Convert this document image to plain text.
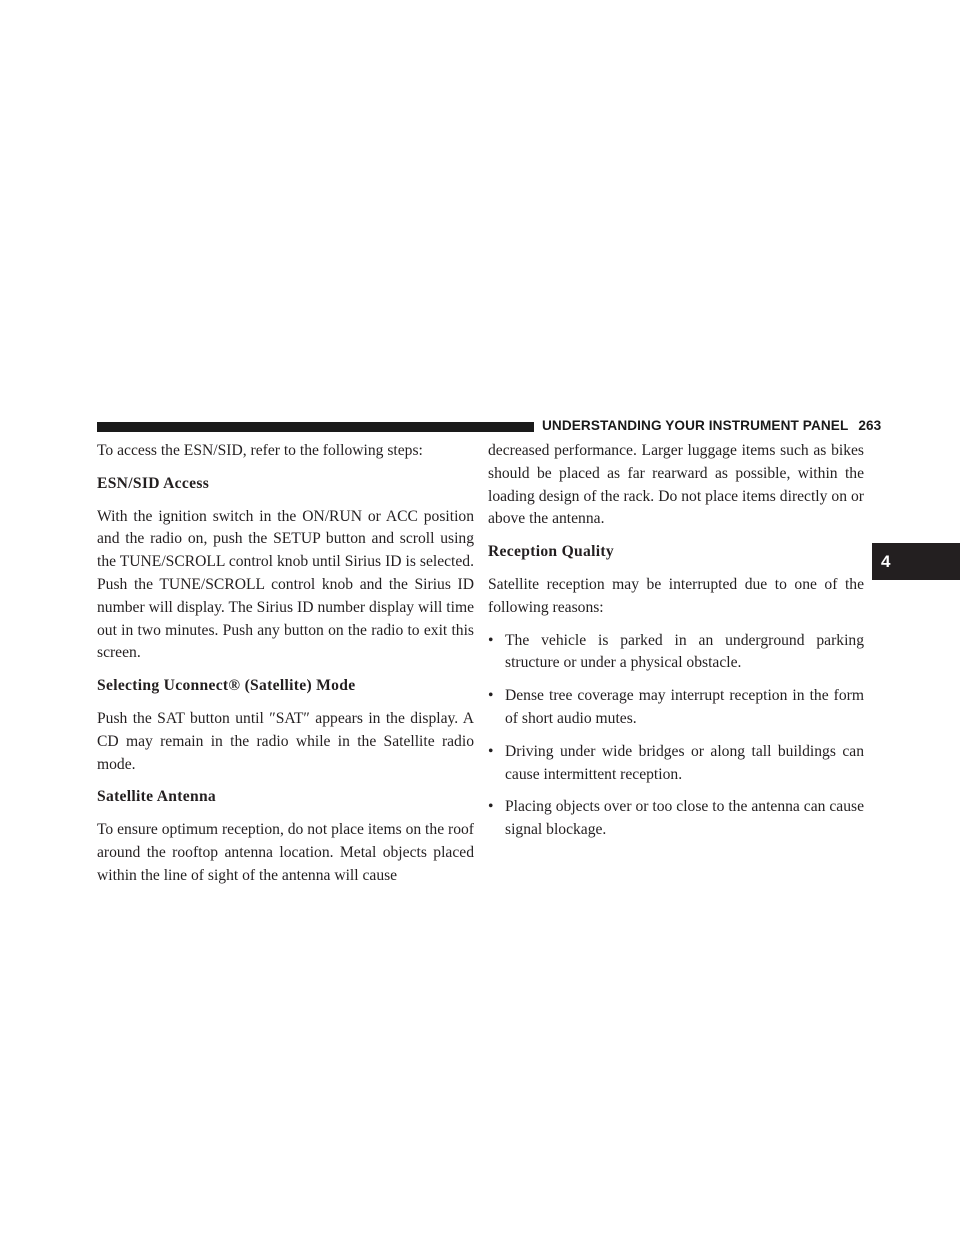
UNDERSTANDING YOUR INSTRUMENT PANEL 263
4

To access the ESN/SID, refer to the following steps:

ESN/SID Access

With the ignition switch in the ON/RUN or ACC position and the radio on, push the SETUP button and scroll using the TUNE/SCROLL control knob until Sirius ID is selected. Push the TUNE/SCROLL control knob and the Sirius ID number will display. The Sirius ID number display will time out in two minutes. Push any button on the radio to exit this screen.

Selecting Uconnect® (Satellite) Mode

Push the SAT button until ″SAT″ appears in the display. A CD may remain in the radio while in the Satellite radio mode.

Satellite Antenna

To ensure optimum reception, do not place items on the roof around the rooftop antenna location. Metal objects placed within the line of sight of the antenna will cause

decreased performance. Larger luggage items such as bikes should be placed as far rearward as possible, within the loading design of the rack. Do not place items directly on or above the antenna.

Reception Quality

Satellite reception may be interrupted due to one of the following reasons:

• The vehicle is parked in an underground parking structure or under a physical obstacle.
• Dense tree coverage may interrupt reception in the form of short audio mutes.
• Driving under wide bridges or along tall buildings can cause intermittent reception.
• Placing objects over or too close to the antenna can cause signal blockage.
